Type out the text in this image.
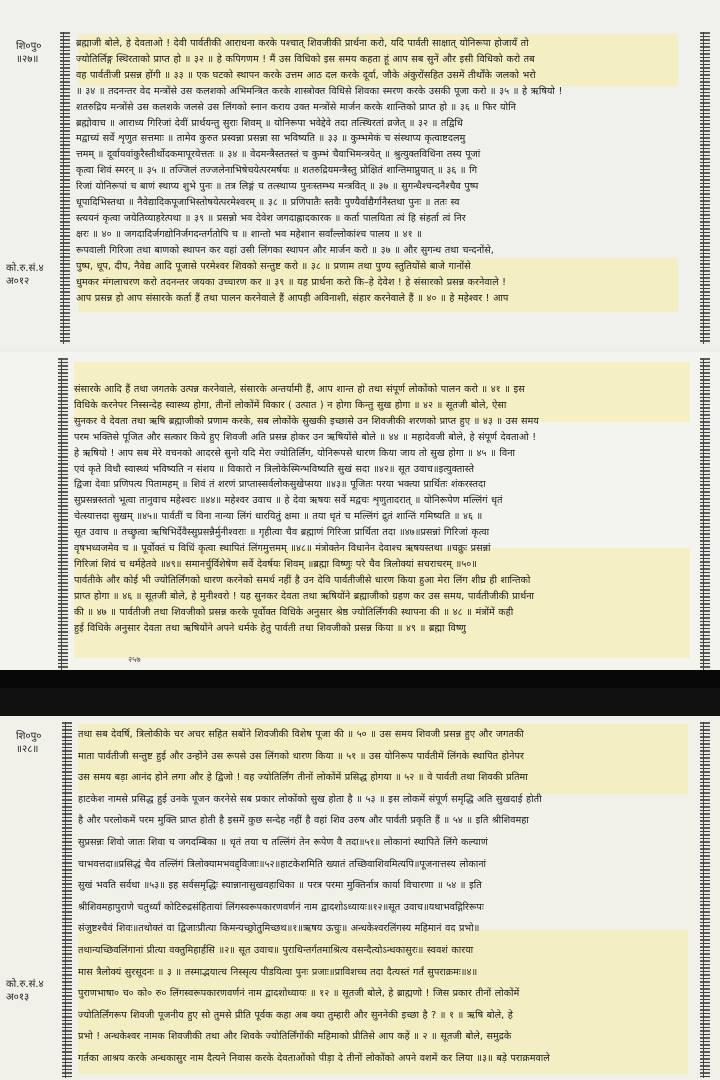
शि०पु०
॥२७॥
को.रु.सं.४
अ०१२
ब्रह्माजी बोले, हे देवताओ ! देवी पार्वतीकी आराधना करके पश्चात् शिवजीकी प्रार्थना करो, यदि पार्वती साक्षात् योनिरूपा होजायँ तो
ज्योतिर्लिङ्ग स्थिरताको प्राप्त हो ॥ ३२ ॥ हे कपिगणम ! मैं उस विधिको इस समय कहता हूं आप सब सुनें और इसी विधिको करो तब
वह पार्वतीजी प्रसन्न होंगी ॥ ३३ ॥ एक घटको स्थापन करके उत्तम आठ दल करके दूर्वा, जौके अंकुरोंसहित उसमें तीर्थोंके जलको भरो
॥ ३४ ॥ तदनन्तर वेद मन्त्रोंसे उस कलशको अभिमन्त्रित करके शास्त्रोक्त विधिसे शिवका स्मरण करके उसकी पूजा करो ॥ ३५ ॥ हे ऋषियो !
शतरुद्रिय मन्त्रोंसे उस कलशके जलसे उस लिंगको स्नान कराय उक्त मन्त्रोंसे मार्जन करके शान्तिको प्राप्त हो ॥ ३६ ॥ फिर योनि
ब्रह्मोवाच ॥ आराध्य गिरिजां देवीं प्रार्थयन्तु सुराः शिवम् ॥ योनिरूपा भवेद्देवे तदा तत्स्थिरतां व्रजेत् ॥ ३२ ॥ तद्विधि
मद्वाच्यं सर्वे शृणुत सत्तमाः ॥ तामेव कुरुत प्रस्वन्ना प्रसन्ना सा भविष्यति ॥ ३३ ॥ कुम्भमेकं च संस्थाप्य कृत्वाष्टदलमु
त्तमम् ॥ दूर्वायवांकुरैस्तीर्थोदकमापूरयेत्ततः ॥ ३४ ॥ वेदमन्त्रैस्ततस्तं च कुम्भं चैवाभिमन्त्रयेत् ॥ श्रुत्युक्तविधिना तस्य पूजां
कृत्वा शिवं स्मरन् ॥ ३५ ॥ तज्जिलं तज्जलेनाभिषेचयेत्परमर्षयः ॥ शतरुद्रियमन्त्रैस्तु प्रोक्षितं शान्तिमाप्नुयात् ॥ ३६ ॥ गि
रिजां योनिरूपां च बाणं स्थाप्य शुभे पुनः ॥ तत्र लिङ्गं च तत्स्थाप्य पुनःस्तम्भ्य मन्त्रवित् ॥ ३७ ॥ सुगन्धैश्चन्दनैश्चैव पुष्प
धूपादिभिस्तथा ॥ नैवेद्यादिकपूजाभिस्तोषयेत्परमेश्वरम् ॥ ३८ ॥ प्रणिपातैः स्तवैः पुण्यैर्वाद्यैर्गानैस्तथा पुनः ॥ ततः स्व
स्त्ययनं कृत्वा जयेतिव्याहरेत्पथा ॥ ३९ ॥ प्रसन्नो भव देवेश जगदाह्लादकारक ॥ कर्ता पालयिता त्वं हि संहर्ता त्वं निर
क्षरः ॥ ४० ॥ जगदादिर्जगद्योनिर्जगदन्तर्गतोपि च ॥ शान्तो भव महेशान सर्वांल्लोकांश्च पालय ॥ ४१ ॥
रूपवाली गिरिजा तथा बाणको स्थापन कर वहां उसी लिंगका स्थापन और मार्जन करो ॥ ३७ ॥ और सुगन्ध तथा चन्दनोंसे,
पुष्प, धूप, दीप, नैवेद्य आदि पूजासे परमेश्वर शिवको सन्तुष्ट करो ॥ ३८ ॥ प्रणाम तथा पुण्य स्तुतियोंसे बाजे गानोंसे
धुमकर मंगलाचरण करो तदनन्तर जयका उच्चारण कर ॥ ३९ ॥ यह प्रार्थना करो कि–हे देवेश ! हे संसारको प्रसन्न करनेवाले !
आप प्रसन्न हो आप संसारके कर्ता हैं तथा पालन करनेवाले हैं आपही अविनाशी, संहार करनेवाले हैं ॥ ४० ॥ हे महेश्वर ! आप
संसारके आदि हैं तथा जगतके उत्पन्न करनेवाले, संसारके अन्तर्यामी हैं, आप शान्त हो तथा संपूर्ण लोकोंको पालन करो ॥ ४१ ॥ इस
विधिके करनेपर निस्सन्देह स्वास्थ्य होगा, तीनों लोकोंमें विकार ( उत्पात ) न होगा किन्तु सुख होगा ॥ ४२ ॥ सूतजी बोले, ऐसा
सुनकर वे देवता तथा ऋषि ब्रह्माजीको प्रणाम करके, सब लोकोंके सुखकी इच्छासे उन शिवजीकी शरणको प्राप्त हुए ॥ ४३ ॥ उस समय
परम भक्तिसे पूजित और सत्कार किये हुए शिवजी अति प्रसन्न होकर उन ऋषियोंसे बोले ॥ ४४ ॥ महादेवजी बोले, हे संपूर्ण देवताओ !
हे ऋषियो ! आप सब मेरे वचनको आदरसे सुनो यदि मेरा ज्योतिर्लिंग, योनिरूपसे धारण किया जाय तो सुख होगा ॥ ४५ ॥ विना
एवं कृते विधौ स्वास्थ्यं भविष्यति न संशय ॥ विकारो न त्रिलोकेस्मिन्भविष्यति सुखं सदा ॥४२॥ सूत उवाच॥इत्युक्तास्ते
द्विजा देवाः प्रणिपत्य पितामहम् ॥ शिवं तं शरणं प्राप्तास्सर्वलोकसुखेप्सया ॥४३॥ पूजितः परया भक्त्या प्रार्थितः शंकरस्तदा
सुप्रसन्नस्ततो भूत्वा तानुवाच महेश्वरः ॥४४॥ महेश्वर उवाच ॥ हे देवा ऋषयः सर्वे मद्वचः शृणुतादरात् ॥ योनिरूपेण मल्लिंगं धृतं
चेत्स्यात्तदा सुखम् ॥४५॥ पार्वतीं च विना नान्या लिंगं धारयितुं क्षमा ॥ तया धृतं च मल्लिंगं द्रुतं शान्तिं गमिष्यति ॥ ४६ ॥
सूत उवाच ॥ तच्छ्रुत्वा ऋषिभिर्देवैस्सुप्रसन्नैर्मुनीश्वराः ॥ गृहीत्वा चैव ब्रह्माणं गिरिजा प्रार्थिता तदा ॥४७॥प्रसन्नां गिरिजां कृत्वा
वृषभध्वजमेव च ॥ पूर्वोक्तं च विधिं कृत्वा स्थापितं लिंगमुत्तमम् ॥४८॥ मंत्रोक्तेन विधानेन देवाश्च ऋषयस्तथा ॥चक्रुः प्रसन्नां
गिरिजां शिवं च धर्महेतवे ॥४९॥ समानर्चुर्विशेषेण सर्वे देवर्षयः शिवम् ॥ब्रह्मा विष्णुः परे चैव त्रिलोक्यां सचराचरम् ॥५०॥
पार्वतीके और कोई भी ज्योतिर्लिंगको धारण करनेको समर्थ नहीं है उन देवि पार्वतीजीसे धारण किया हुआ मेरा लिंग शीघ्र ही शान्तिको
प्राप्त होगा ॥ ४६ ॥ सूतजी बोले, हे मुनीश्वरो ! यह सुनकर देवता तथा ऋषियोंने ब्रह्माजीको ग्रहण कर उस समय, पार्वतीजीकी प्रार्थना
की ॥ ४७ ॥ पार्वतीजी तथा शिवजीको प्रसन्न करके पूर्वोक्त विधिके अनुसार श्रेष्ठ ज्योतिर्लिंगकी स्थापना की ॥ ४८ ॥ मंत्रोंमें कही
हुई विधिके अनुसार देवता तथा ऋषियोंने अपने धर्मके हेतु पार्वती तथा शिवजीको प्रसन्न किया ॥ ४९ ॥ ब्रह्मा विष्णु
२५७
शि०पु०
॥२८॥
को.रु.सं.४
अ०१३
तथा सब देवर्षि, त्रिलोकीके चर अचर सहित सबोंने शिवजीकी विशेष पूजा की ॥ ५० ॥ उस समय शिवजी प्रसन्न हुए और जगतकी
माता पार्वतीजी सन्तुष्ट हुई और उन्होंने उस रूपसे उस लिंगको धारण किया ॥ ५१ ॥ उस योनिरूप पार्वतीमें लिंगके स्थापित होनेपर
उस समय बड़ा आनंद होने लगा और हे द्विजो ! वह ज्योतिर्लिंग तीनों लोकोंमें प्रसिद्ध होगया ॥ ५२ ॥ वे पार्वती तथा शिवकी प्रतिमा
हाटकेश नामसे प्रसिद्ध हुई उनके पूजन करनेसे सब प्रकार लोकोंको सुख होता है ॥ ५३ ॥ इस लोकमें संपूर्ण समृद्धि अति सुखदाई होती
है और परलोकमें परम मुक्ति प्राप्त होती है इसमें कुछ सन्देह नहीं है वहां शिव उरुष और पार्वती प्रकृति हैं ॥ ५४ ॥ इति श्रीशिवमहा
सुप्रसन्नः शिवो जातः शिवा च जगदम्बिका ॥ धृतं तया च तल्लिंगं तेन रूपेण वै तदा॥५१॥ लोकानां स्थापिते लिंगे कल्याणं
चाभवत्तदा॥प्रसिद्धं चैव तल्लिंगं त्रिलोक्यामभवद्द्विजाः॥५२॥हाटकेशमिति ख्यातं तच्छिवाशिवमित्यपि॥पूजनात्तस्य लोकानां
सुखं भवति सर्वथा ॥५३॥ इह सर्वसमृद्धिः स्यान्नानासुखवहाधिका ॥ परत्र परमा मुक्तिर्नात्र कार्या विचारणा ॥ ५४ ॥ इति
श्रीशिवमहापुराणे चतुर्थ्यां कोटिरुद्रसंहितायां लिंगस्वरूपकारणवर्णनं नाम द्वादशोऽध्यायः॥१२॥सूत उवाच॥यथाभवद्गिरिरूपः
संजुष्टश्चैवं शिवः॥तथोक्तं वा द्विजाःप्रीत्या किमन्यच्छ्रोतुमिच्छथ॥१॥ऋषय ऊचुः॥ अन्धकेश्वरलिंगस्य महिमानं वद प्रभो॥
तथान्यच्छिवलिंगानां प्रीत्या वक्तुमिहार्हसि ॥२॥ सूत उवाच॥ पुराथिन्तर्गतमाश्रित्य वसन्दैत्योऽन्धकासुरः॥ स्ववशं कारया
मास त्रैलोक्यं सुरसूदनः ॥ ३ ॥ तस्माद्भयात्च निस्सृत्य पीडयित्वा पुनः प्रजाः॥प्राविशच्च तदा दैत्यस्तं गर्तं सुपराक्रमः॥४॥
पुराणभाषा० च० को० रु० लिंगस्वरूपकारणवर्णनं नाम द्वादशोध्यायः ॥ १२ ॥ सूतजी बोले, हे ब्राह्मणो ! जिस प्रकार तीनों लोकोंमें
ज्योतिर्लिंगरूप शिवजी पूजनीय हुए सो तुमसे प्रीति पूर्वक कहा अब क्या तुम्हारी और सुननेकी इच्छा है ? ॥ १ ॥ ऋषि बोले, हे
प्रभो ! अन्धकेश्वर नामक शिवजीकी तथा और शिवके ज्योतिर्लिंगोंकी महिमाको प्रीतिसे आप कहें ॥ २ ॥ सूतजी बोले, समुद्रके
गर्तका आश्रय करके अन्धकासुर नाम दैत्यने निवास करके देवताओंको पीड़ा दे तीनों लोकोंको अपने वशमें कर लिया ॥३॥ बड़े पराक्रमवाले
